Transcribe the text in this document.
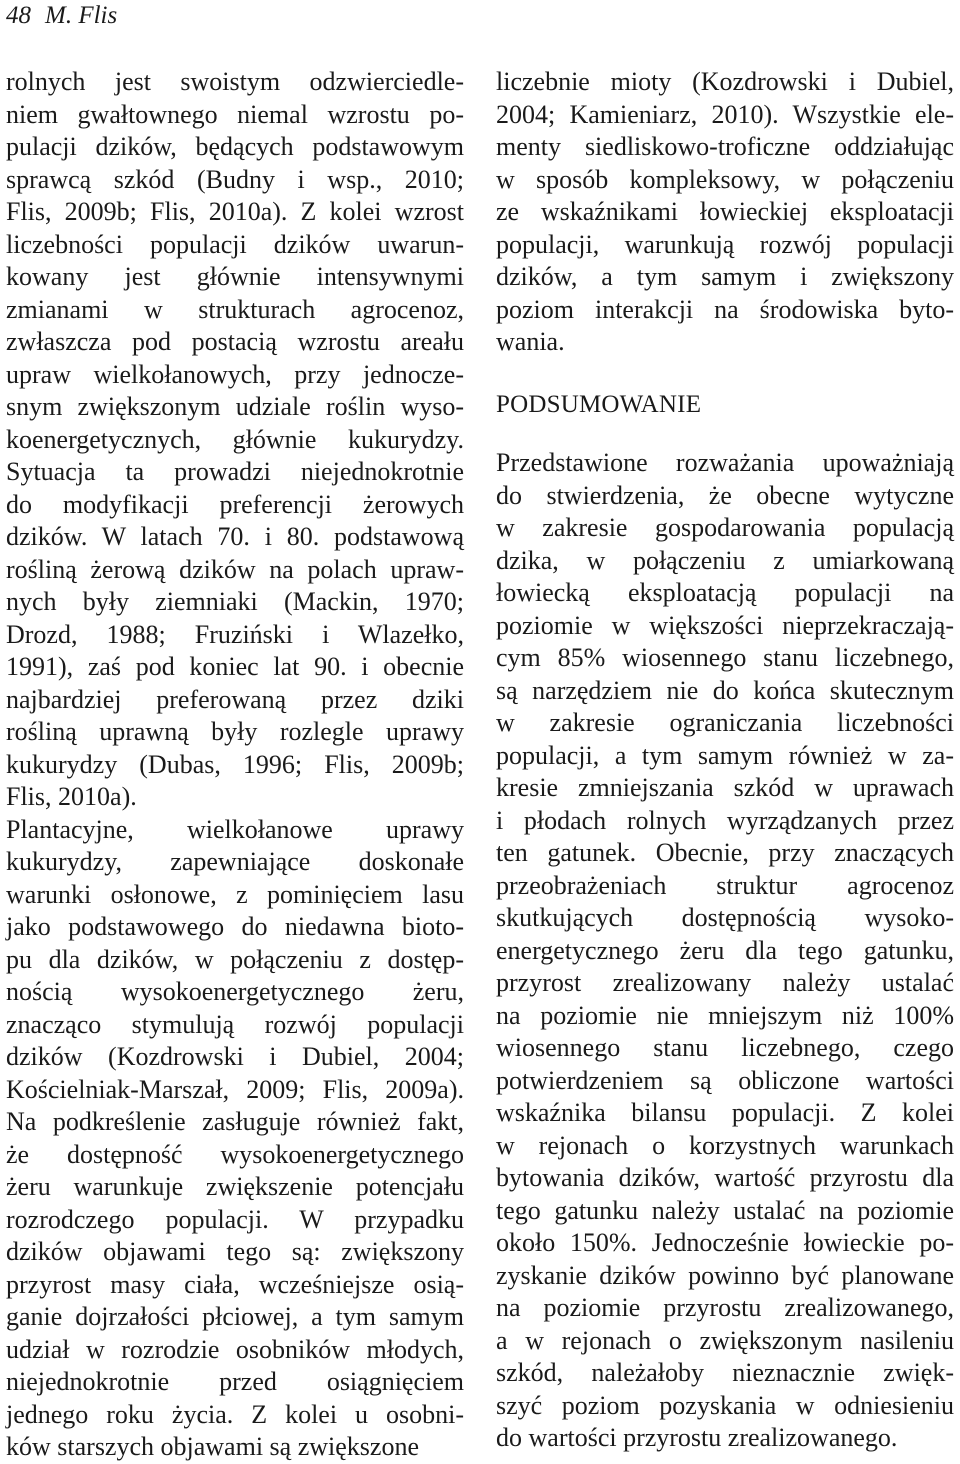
48 M. Flis
rolnych jest swoistym odzwierciedle-
niem gwałtownego niemal wzrostu po-
pulacji dzików, będących podstawowym
sprawcą szkód (Budny i wsp., 2010;
Flis, 2009b; Flis, 2010a). Z kolei wzrost
liczebności populacji dzików uwarun-
kowany jest głównie intensywnymi
zmianami w strukturach agrocenoz,
zwłaszcza pod postacią wzrostu areału
upraw wielkołanowych, przy jednocze-
snym zwiększonym udziale roślin wyso-
koenergetycznych, głównie kukurydzy.
Sytuacja ta prowadzi niejednokrotnie
do modyfikacji preferencji żerowych
dzików. W latach 70. i 80. podstawową
rośliną żerową dzików na polach upraw-
nych były ziemniaki (Mackin, 1970;
Drozd, 1988; Fruziński i Wlazełko,
1991), zaś pod koniec lat 90. i obecnie
najbardziej preferowaną przez dziki
rośliną uprawną były rozlegle uprawy
kukurydzy (Dubas, 1996; Flis, 2009b;
Flis, 2010a).
Plantacyjne, wielkołanowe uprawy
kukurydzy, zapewniające doskonałe
warunki osłonowe, z pominięciem lasu
jako podstawowego do niedawna bioto-
pu dla dzików, w połączeniu z dostęp-
nością wysokoenergetycznego żeru,
znacząco stymulują rozwój populacji
dzików (Kozdrowski i Dubiel, 2004;
Kościelniak-Marszał, 2009; Flis, 2009a).
Na podkreślenie zasługuje również fakt,
że dostępność wysokoenergetycznego
żeru warunkuje zwiększenie potencjału
rozrodczego populacji. W przypadku
dzików objawami tego są: zwiększony
przyrost masy ciała, wcześniejsze osią-
ganie dojrzałości płciowej, a tym samym
udział w rozrodzie osobników młodych,
niejednokrotnie przed osiągnięciem
jednego roku życia. Z kolei u osobni-
ków starszych objawami są zwiększone
liczebnie mioty (Kozdrowski i Dubiel,
2004; Kamieniarz, 2010). Wszystkie ele-
menty siedliskowo-troficzne oddziałując
w sposób kompleksowy, w połączeniu
ze wskaźnikami łowieckiej eksploatacji
populacji, warunkują rozwój populacji
dzików, a tym samym i zwiększony
poziom interakcji na środowiska byto-
wania.
PODSUMOWANIE
Przedstawione rozważania upoważniają
do stwierdzenia, że obecne wytyczne
w zakresie gospodarowania populacją
dzika, w połączeniu z umiarkowaną
łowiecką eksploatacją populacji na
poziomie w większości nieprzekraczają-
cym 85% wiosennego stanu liczebnego,
są narzędziem nie do końca skutecznym
w zakresie ograniczania liczebności
populacji, a tym samym również w za-
kresie zmniejszania szkód w uprawach
i płodach rolnych wyrządzanych przez
ten gatunek. Obecnie, przy znaczących
przeobrażeniach struktur agrocenoz
skutkujących dostępnością wysoko-
energetycznego żeru dla tego gatunku,
przyrost zrealizowany należy ustalać
na poziomie nie mniejszym niż 100%
wiosennego stanu liczebnego, czego
potwierdzeniem są obliczone wartości
wskaźnika bilansu populacji. Z kolei
w rejonach o korzystnych warunkach
bytowania dzików, wartość przyrostu dla
tego gatunku należy ustalać na poziomie
około 150%. Jednocześnie łowieckie po-
zyskanie dzików powinno być planowane
na poziomie przyrostu zrealizowanego,
a w rejonach o zwiększonym nasileniu
szkód, należałoby nieznacznie zwięk-
szyć poziom pozyskania w odniesieniu
do wartości przyrostu zrealizowanego.
